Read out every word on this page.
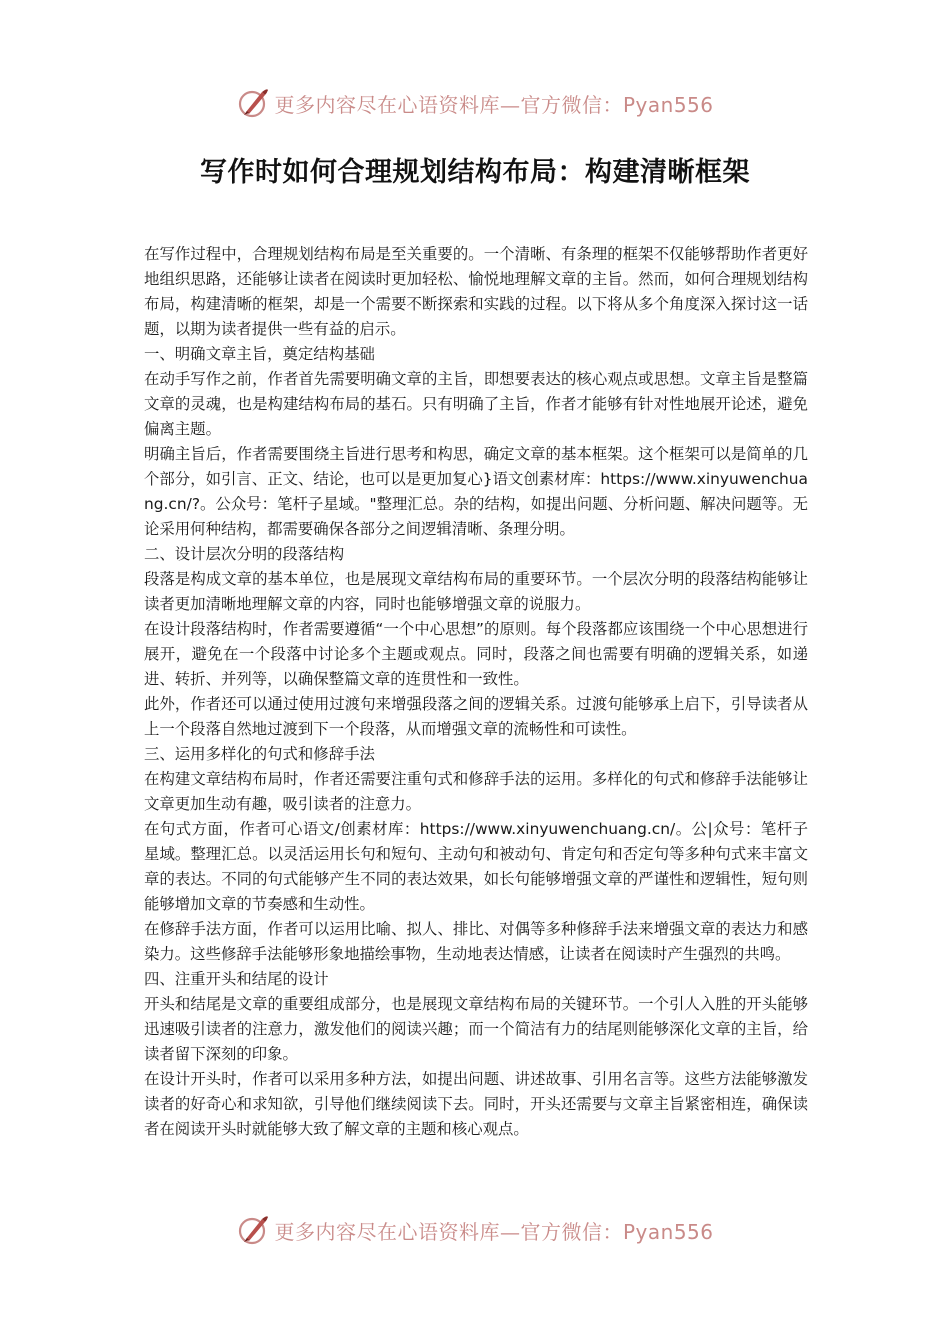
更多内容尽在心语资料库—官方微信：Pyan556
写作时如何合理规划结构布局：构建清晰框架

在写作过程中，合理规划结构布局是至关重要的。一个清晰、有条理的框架不仅能够帮助作者更好地组织思路，还能够让读者在阅读时更加轻松、愉悦地理解文章的主旨。然而，如何合理规划结构布局，构建清晰的框架，却是一个需要不断探索和实践的过程。以下将从多个角度深入探讨这一话题，以期为读者提供一些有益的启示。

一、明确文章主旨，奠定结构基础

在动手写作之前，作者首先需要明确文章的主旨，即想要表达的核心观点或思想。文章主旨是整篇文章的灵魂，也是构建结构布局的基石。只有明确了主旨，作者才能够有针对性地展开论述，避免偏离主题。

明确主旨后，作者需要围绕主旨进行思考和构思，确定文章的基本框架。这个框架可以是简单的几个部分，如引言、正文、结论，也可以是更加复心}语文创素材库：https://www.xinyuwenchuang.cn/?。公众号：笔杆子星域。"整理汇总。杂的结构，如提出问题、分析问题、解决问题等。无论采用何种结构，都需要确保各部分之间逻辑清晰、条理分明。

二、设计层次分明的段落结构

段落是构成文章的基本单位，也是展现文章结构布局的重要环节。一个层次分明的段落结构能够让读者更加清晰地理解文章的内容，同时也能够增强文章的说服力。

在设计段落结构时，作者需要遵循“一个中心思想”的原则。每个段落都应该围绕一个中心思想进行展开，避免在一个段落中讨论多个主题或观点。同时，段落之间也需要有明确的逻辑关系，如递进、转折、并列等，以确保整篇文章的连贯性和一致性。

此外，作者还可以通过使用过渡句来增强段落之间的逻辑关系。过渡句能够承上启下，引导读者从上一个段落自然地过渡到下一个段落，从而增强文章的流畅性和可读性。

三、运用多样化的句式和修辞手法

在构建文章结构布局时，作者还需要注重句式和修辞手法的运用。多样化的句式和修辞手法能够让文章更加生动有趣，吸引读者的注意力。

在句式方面，作者可心语文/创素材库：https://www.xinyuwenchuang.cn/。公|众号：笔杆子星域。整理汇总。以灵活运用长句和短句、主动句和被动句、肯定句和否定句等多种句式来丰富文章的表达。不同的句式能够产生不同的表达效果，如长句能够增强文章的严谨性和逻辑性，短句则能够增加文章的节奏感和生动性。

在修辞手法方面，作者可以运用比喻、拟人、排比、对偶等多种修辞手法来增强文章的表达力和感染力。这些修辞手法能够形象地描绘事物，生动地表达情感，让读者在阅读时产生强烈的共鸣。

四、注重开头和结尾的设计

开头和结尾是文章的重要组成部分，也是展现文章结构布局的关键环节。一个引人入胜的开头能够迅速吸引读者的注意力，激发他们的阅读兴趣；而一个简洁有力的结尾则能够深化文章的主旨，给读者留下深刻的印象。

在设计开头时，作者可以采用多种方法，如提出问题、讲述故事、引用名言等。这些方法能够激发读者的好奇心和求知欲，引导他们继续阅读下去。同时，开头还需要与文章主旨紧密相连，确保读者在阅读开头时就能够大致了解文章的主题和核心观点。

更多内容尽在心语资料库—官方微信：Pyan556
